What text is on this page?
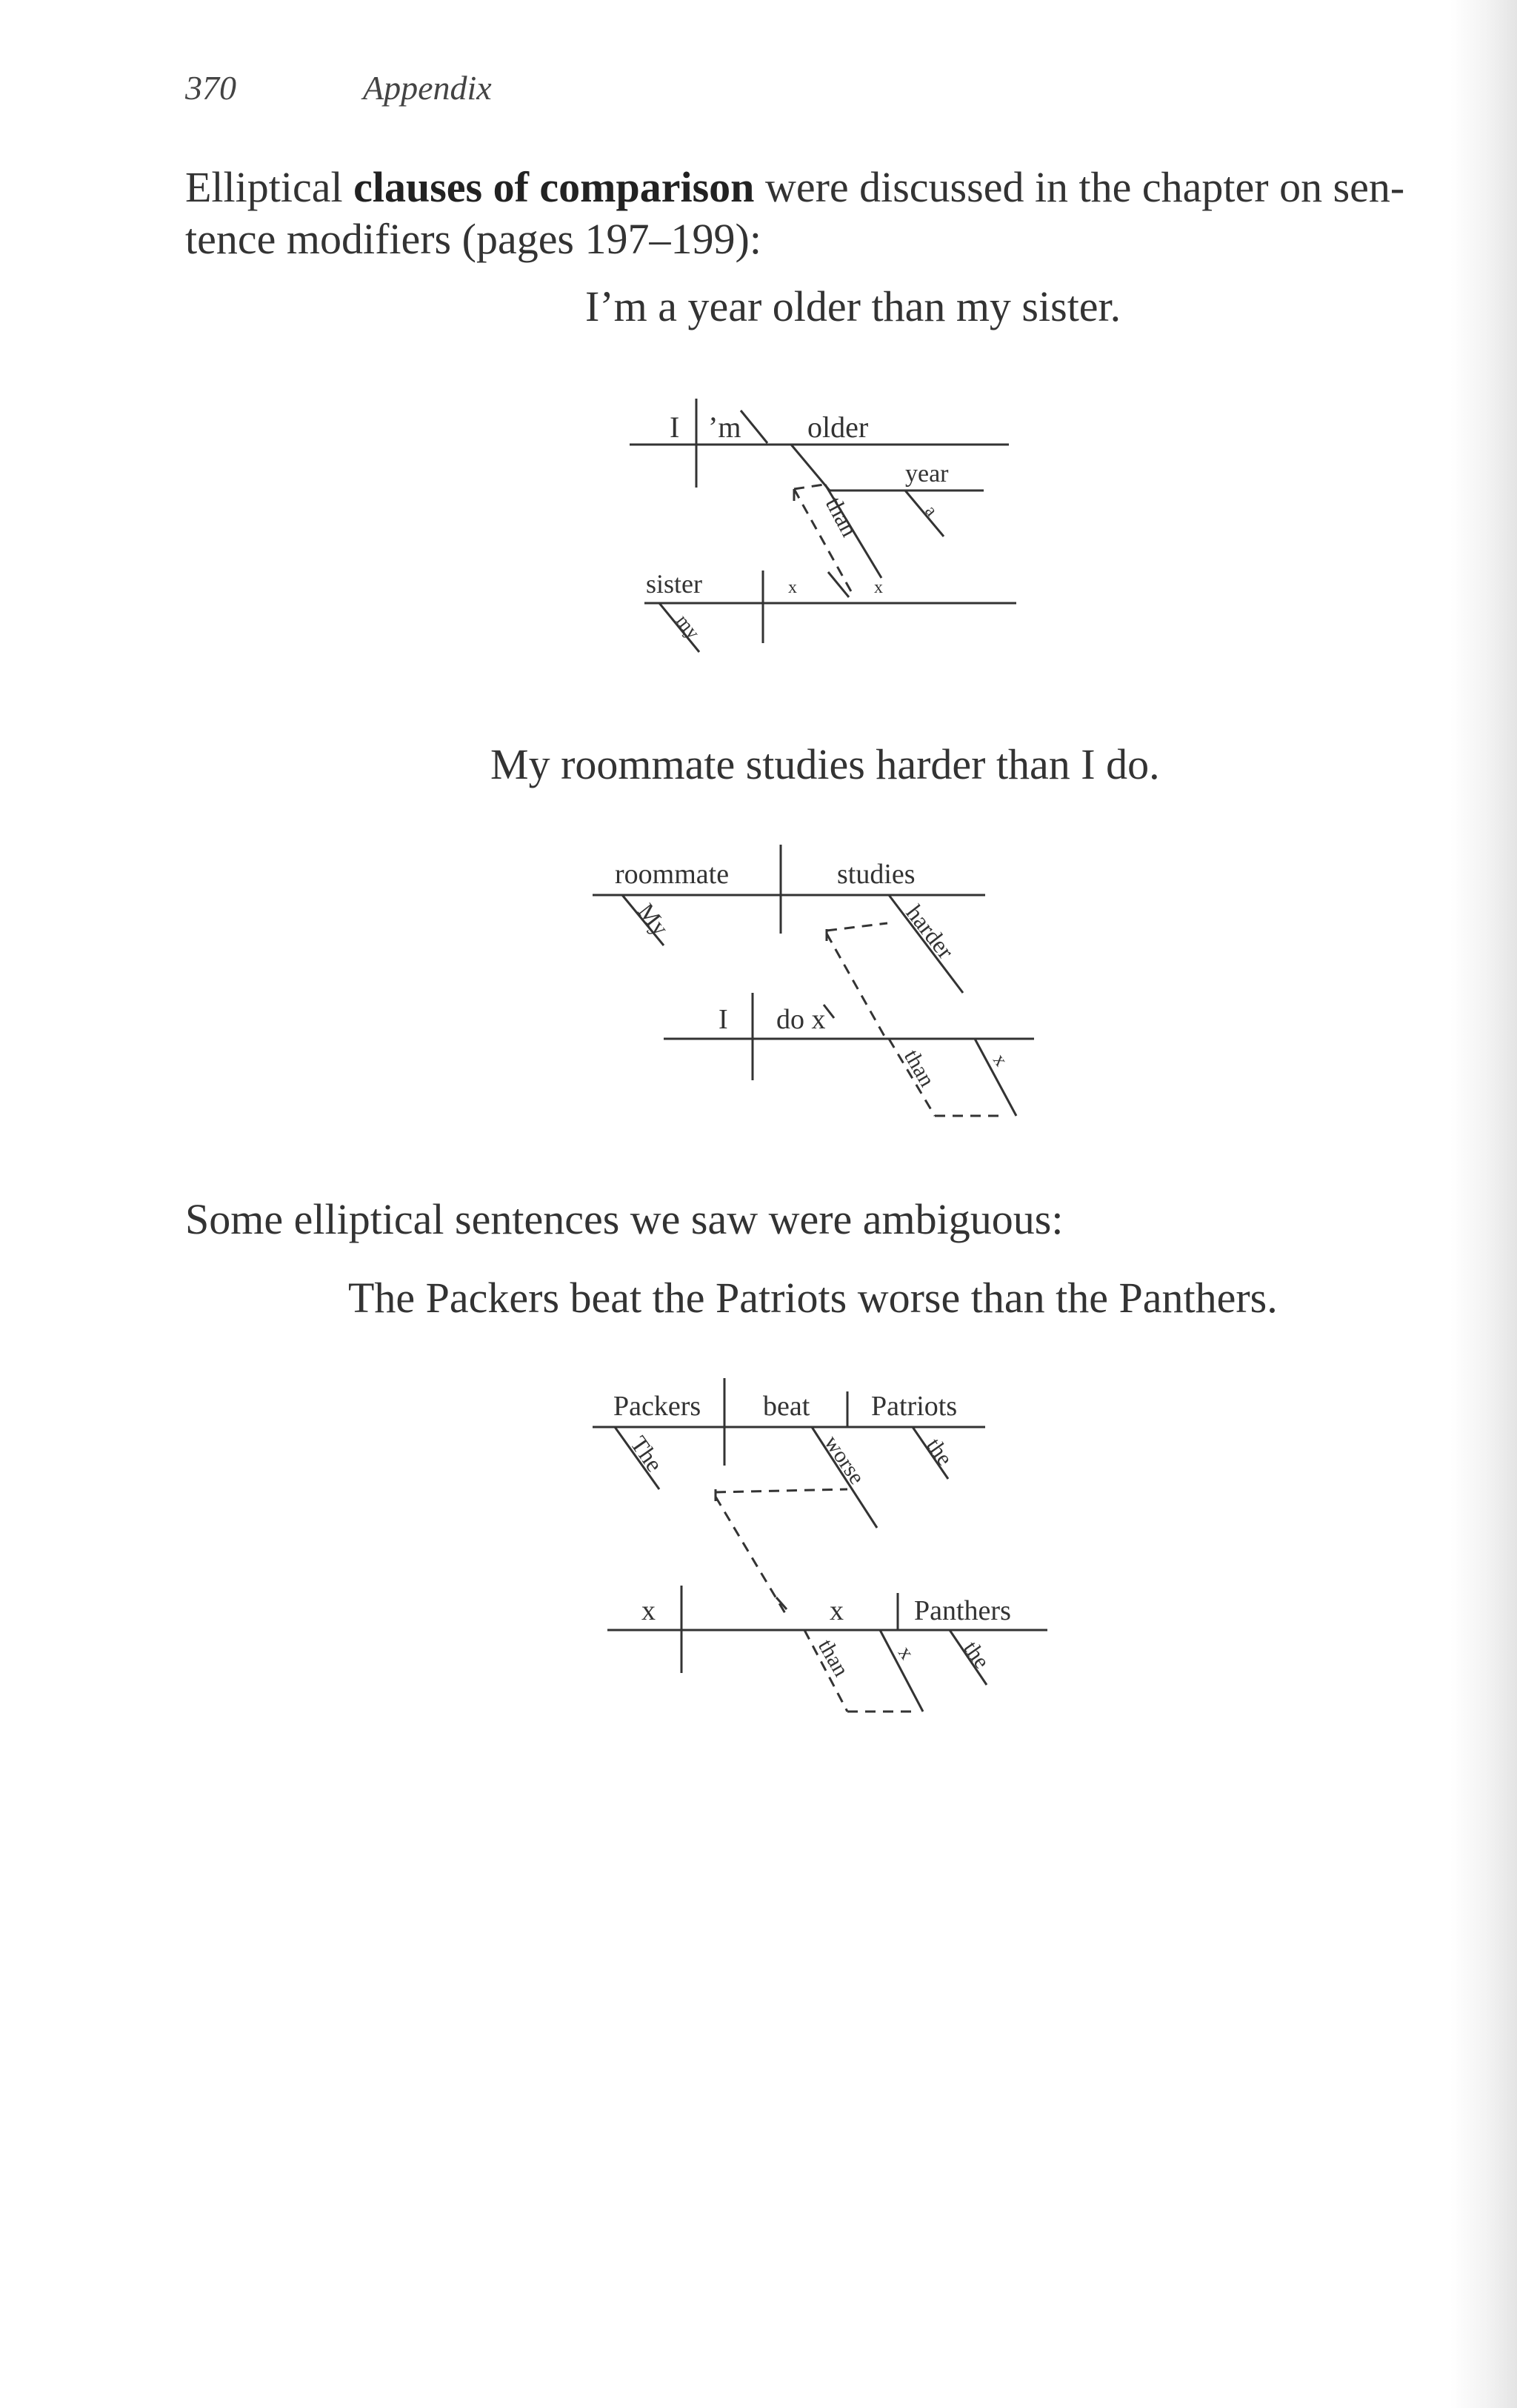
370	Appendix
Elliptical clauses of comparison were discussed in the chapter on sen-
tence modifiers (pages 197–199):
I’m a year older than my sister.
I ’m older
year
a
than
sister	x	x
my
My roommate studies harder than I do.
roommate	studies
My	harder
I do x
than	x
Some elliptical sentences we saw were ambiguous:
The Packers beat the Patriots worse than the Panthers.
Packers beat Patriots
The	the
worse
x	x	Panthers
than x the
